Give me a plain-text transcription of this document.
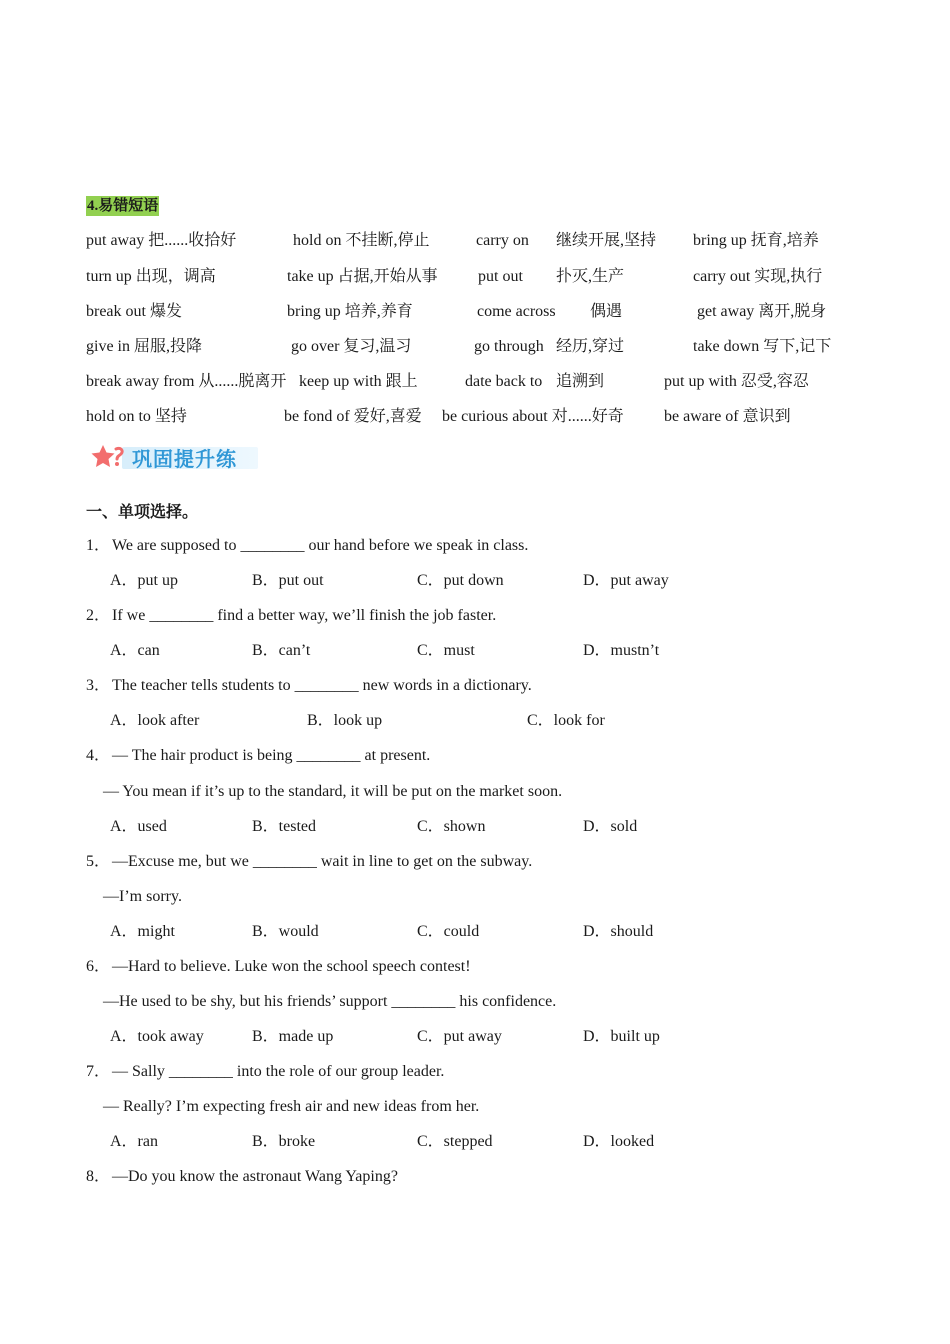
4.易错短语
put away 把......收拾好	hold on 不挂断,停止	carry on 继续开展,坚持 bring up 抚育,培养
turn up 出现，调高	take up 占据,开始从事	put out 扑灭,生产	carry out 实现,执行
break out 爆发	bring up 培养,养育	come across 偶遇	get away 离开,脱身
give in 屈服,投降	go over 复习,温习	go through 经历,穿过	take down 写下,记下
break away from 从......脱离开 keep up with 跟上	date back to 追溯到	put up with 忍受,容忍
hold on to 坚持	be fond of 爱好,喜爱 be curious about 对......好奇	be aware of 意识到
巩固提升练
一、单项选择。
1． We are supposed to ________ our hand before we speak in class.
A．put up	B．put out	C．put down	D．put away
2． If we ________ find a better way, we’ll finish the job faster.
A．can	B．can’t	C．must	D．mustn’t
3． The teacher tells students to ________ new words in a dictionary.
A．look after	B．look up	C．look for
4． — The hair product is being ________ at present.
— You mean if it’s up to the standard, it will be put on the market soon.
A．used	B．tested	C．shown	D．sold
5． —Excuse me, but we ________ wait in line to get on the subway.
—I’m sorry.
A．might	B．would	C．could	D．should
6． —Hard to believe. Luke won the school speech contest!
—He used to be shy, but his friends’ support ________ his confidence.
A．took away	B．made up	C．put away	D．built up
7． — Sally ________ into the role of our group leader.
— Really? I’m expecting fresh air and new ideas from her.
A．ran	B．broke	C．stepped	D．looked
8． —Do you know the astronaut Wang Yaping?
